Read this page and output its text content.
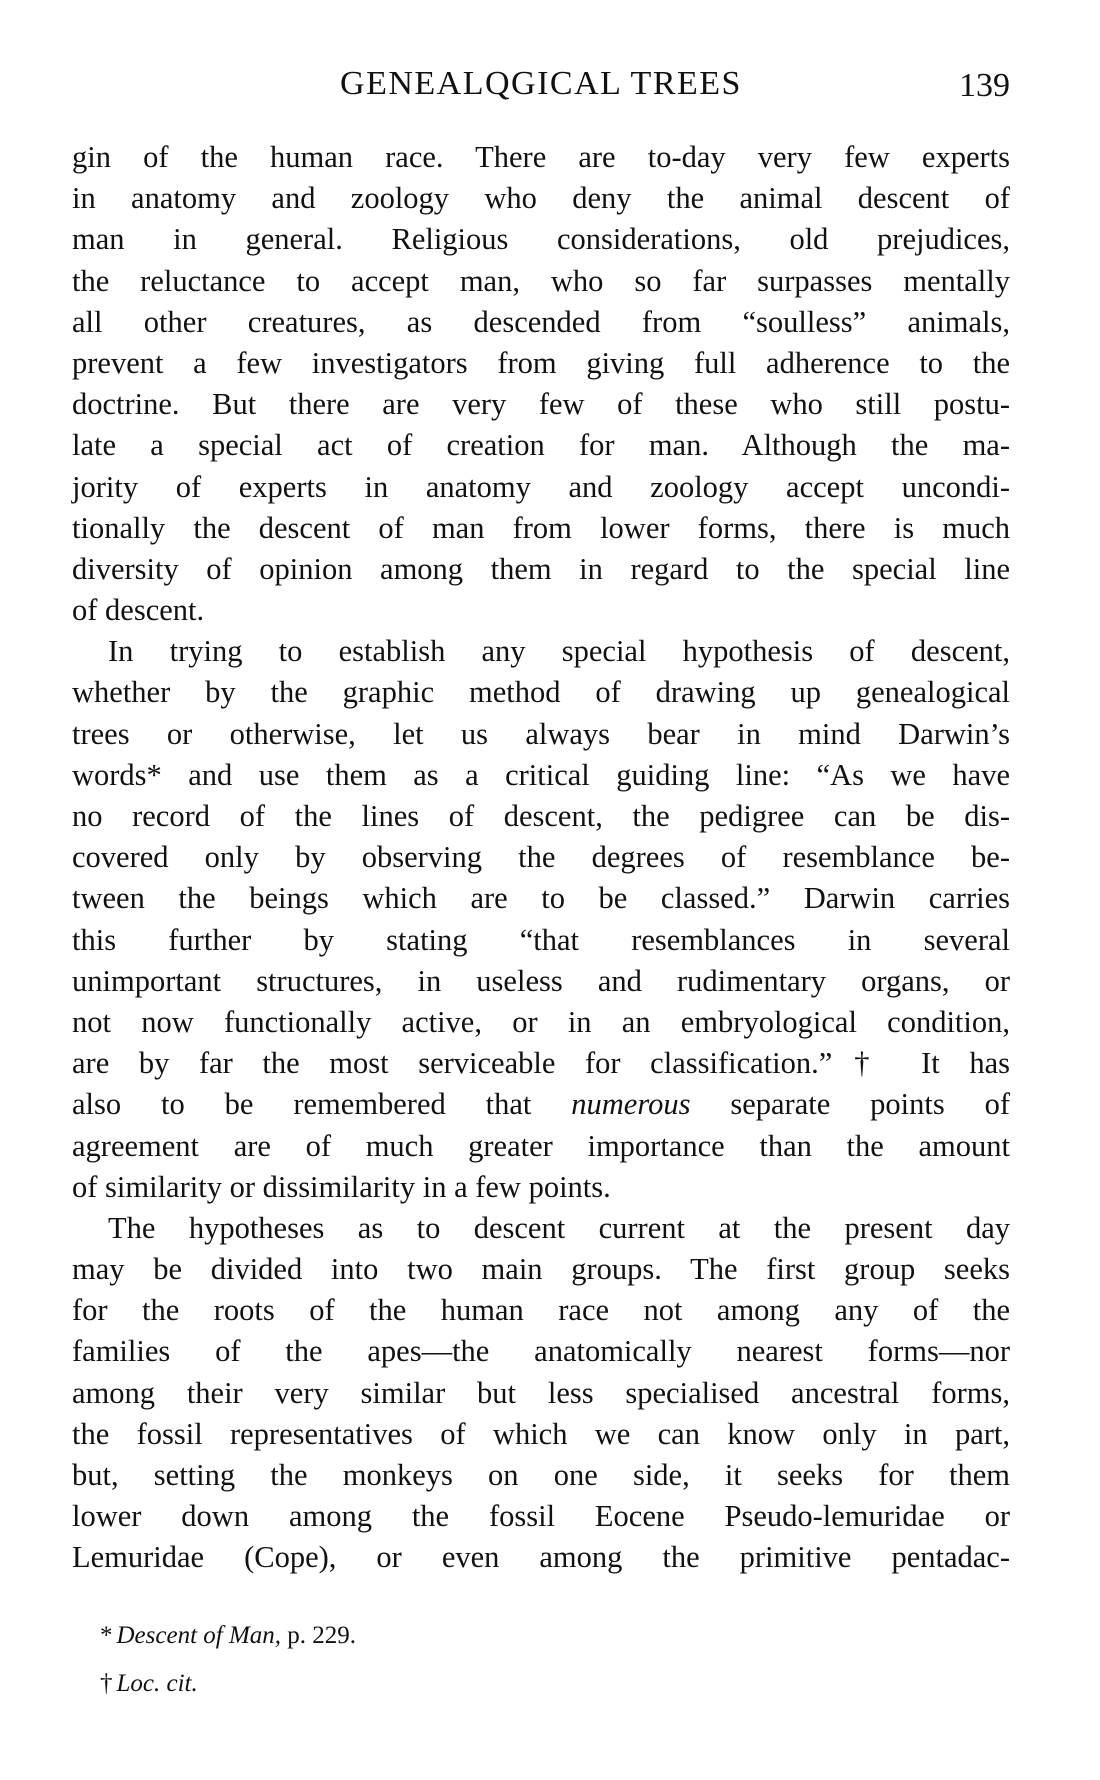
GENEALQGICAL TREES	139
gin of the human race. There are to-day very few experts
in anatomy and zoology who deny the animal descent of
man in general. Religious considerations, old prejudices,
the reluctance to accept man, who so far surpasses mentally
all other creatures, as descended from “soulless” animals,
prevent a few investigators from giving full adherence to the
doctrine. But there are very few of these who still postu-
late a special act of creation for man. Although the ma-
jority of experts in anatomy and zoology accept uncondi-
tionally the descent of man from lower forms, there is much
diversity of opinion among them in regard to the special line
of descent.
In trying to establish any special hypothesis of descent,
whether by the graphic method of drawing up genealogical
trees or otherwise, let us always bear in mind Darwin’s
words* and use them as a critical guiding line: “As we have
no record of the lines of descent, the pedigree can be dis-
covered only by observing the degrees of resemblance be-
tween the beings which are to be classed.” Darwin carries
this further by stating “that resemblances in several
unimportant structures, in useless and rudimentary organs, or
not now functionally active, or in an embryological condition,
are by far the most serviceable for classification.”† It has
also to be remembered that numerous separate points of
agreement are of much greater importance than the amount
of similarity or dissimilarity in a few points.
The hypotheses as to descent current at the present day
may be divided into two main groups. The first group seeks
for the roots of the human race not among any of the
families of the apes—the anatomically nearest forms—nor
among their very similar but less specialised ancestral forms,
the fossil representatives of which we can know only in part,
but, setting the monkeys on one side, it seeks for them
lower down among the fossil Eocene Pseudo-lemuridae or
Lemuridae (Cope), or even among the primitive pentadac-
* Descent of Man, p. 229.
† Loc. cit.
